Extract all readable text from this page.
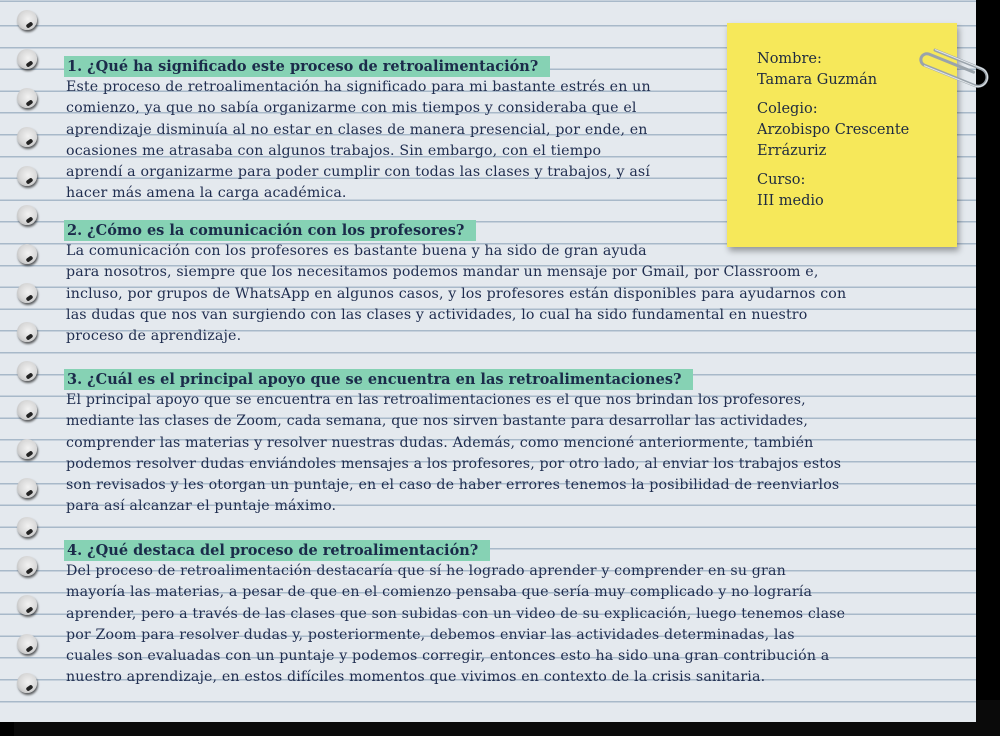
1. ¿Qué ha significado este proceso de retroalimentación?

Este proceso de retroalimentación ha significado para mi bastante estrés en un

comienzo, ya que no sabía organizarme con mis tiempos y consideraba que el

aprendizaje disminuía al no estar en clases de manera presencial, por ende, en

ocasiones me atrasaba con algunos trabajos. Sin embargo, con el tiempo

aprendí a organizarme para poder cumplir con todas las clases y trabajos, y así

hacer más amena la carga académica.

2. ¿Cómo es la comunicación con los profesores?

La comunicación con los profesores es bastante buena y ha sido de gran ayuda

para nosotros, siempre que los necesitamos podemos mandar un mensaje por Gmail, por Classroom e,

incluso, por grupos de WhatsApp en algunos casos, y los profesores están disponibles para ayudarnos con

las dudas que nos van surgiendo con las clases y actividades, lo cual ha sido fundamental en nuestro

proceso de aprendizaje.

3. ¿Cuál es el principal apoyo que se encuentra en las retroalimentaciones?

El principal apoyo que se encuentra en las retroalimentaciones es el que nos brindan los profesores,

mediante las clases de Zoom, cada semana, que nos sirven bastante para desarrollar las actividades,

comprender las materias y resolver nuestras dudas. Además, como mencioné anteriormente, también

podemos resolver dudas enviándoles mensajes a los profesores, por otro lado, al enviar los trabajos estos

son revisados y les otorgan un puntaje, en el caso de haber errores tenemos la posibilidad de reenviarlos

para así alcanzar el puntaje máximo.

4. ¿Qué destaca del proceso de retroalimentación?

Del proceso de retroalimentación destacaría que sí he logrado aprender y comprender en su gran

mayoría las materias, a pesar de que en el comienzo pensaba que sería muy complicado y no lograría

aprender, pero a través de las clases que son subidas con un video de su explicación, luego tenemos clase

por Zoom para resolver dudas y, posteriormente, debemos enviar las actividades determinadas, las

cuales son evaluadas con un puntaje y podemos corregir, entonces esto ha sido una gran contribución a

nuestro aprendizaje, en estos difíciles momentos que vivimos en contexto de la crisis sanitaria.

Nombre:
Tamara Guzmán
Colegio:
Arzobispo Crescente
Errázuriz
Curso:
III medio
